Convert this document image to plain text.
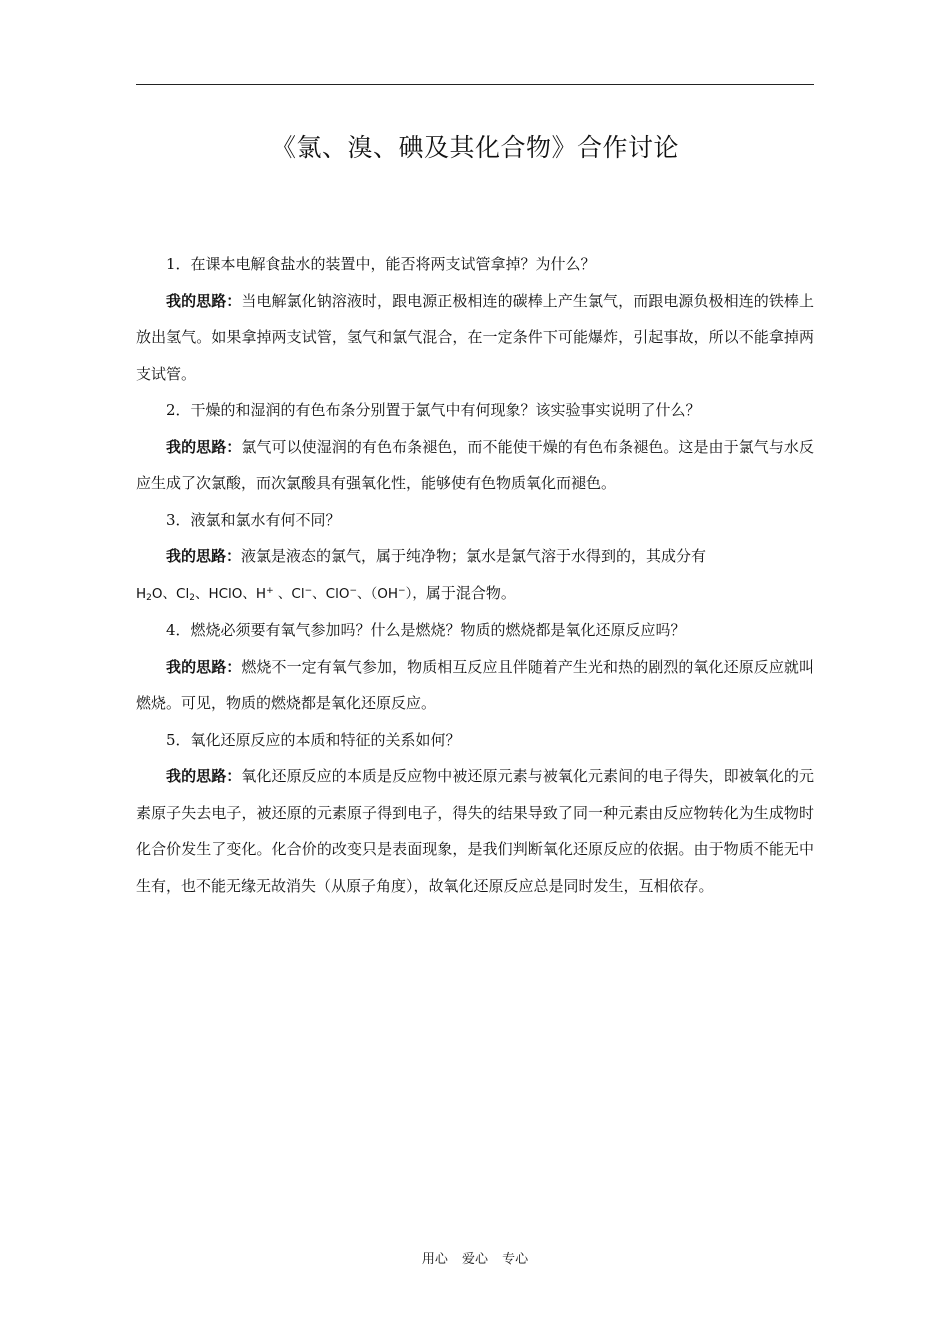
《氯、溴、碘及其化合物》合作讨论

1．在课本电解食盐水的装置中，能否将两支试管拿掉？为什么？

我的思路：当电解氯化钠溶液时，跟电源正极相连的碳棒上产生氯气，而跟电源负极相连的铁棒上放出氢气。如果拿掉两支试管，氢气和氯气混合，在一定条件下可能爆炸，引起事故，所以不能拿掉两支试管。

2．干燥的和湿润的有色布条分别置于氯气中有何现象？该实验事实说明了什么？

我的思路：氯气可以使湿润的有色布条褪色，而不能使干燥的有色布条褪色。这是由于氯气与水反应生成了次氯酸，而次氯酸具有强氧化性，能够使有色物质氧化而褪色。

3．液氯和氯水有何不同？

我的思路：液氯是液态的氯气，属于纯净物；氯水是氯气溶于水得到的，其成分有

$H_2O$、$Cl_2$、HClO、H+ 、Cl−、ClO−、（OH−），属于混合物。

4．燃烧必须要有氧气参加吗？什么是燃烧？物质的燃烧都是氧化还原反应吗？

我的思路：燃烧不一定有氧气参加，物质相互反应且伴随着产生光和热的剧烈的氧化还原反应就叫燃烧。可见，物质的燃烧都是氧化还原反应。

5．氧化还原反应的本质和特征的关系如何？

我的思路：氧化还原反应的本质是反应物中被还原元素与被氧化元素间的电子得失，即被氧化的元素原子失去电子，被还原的元素原子得到电子，得失的结果导致了同一种元素由反应物转化为生成物时化合价发生了变化。化合价的改变只是表面现象，是我们判断氧化还原反应的依据。由于物质不能无中生有，也不能无缘无故消失（从原子角度），故氧化还原反应总是同时发生，互相依存。

用心 爱心 专心
